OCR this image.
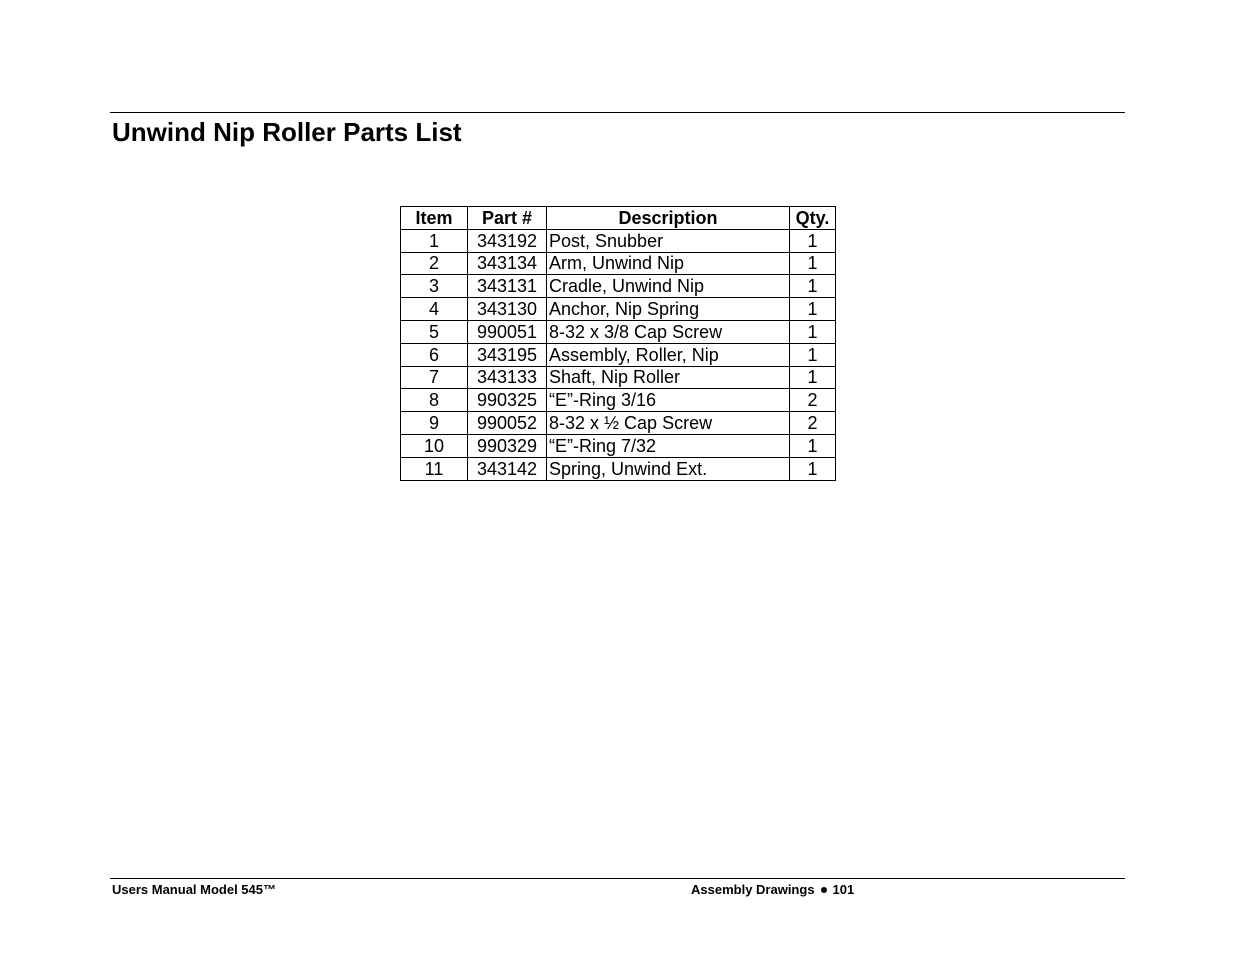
Unwind Nip Roller Parts List
Item	Part #	Description	Qty.
1	343192	Post, Snubber	1
2	343134	Arm, Unwind Nip	1
3	343131	Cradle, Unwind Nip	1
4	343130	Anchor, Nip Spring	1
5	990051	8-32 x 3/8 Cap Screw	1
6	343195	Assembly, Roller, Nip	1
7	343133	Shaft, Nip Roller	1
8	990325	“E”-Ring 3/16	2
9	990052	8-32 x ½ Cap Screw	2
10	990329	“E”-Ring 7/32	1
11	343142	Spring, Unwind Ext.	1
Users Manual Model 545™	Assembly Drawings 101
